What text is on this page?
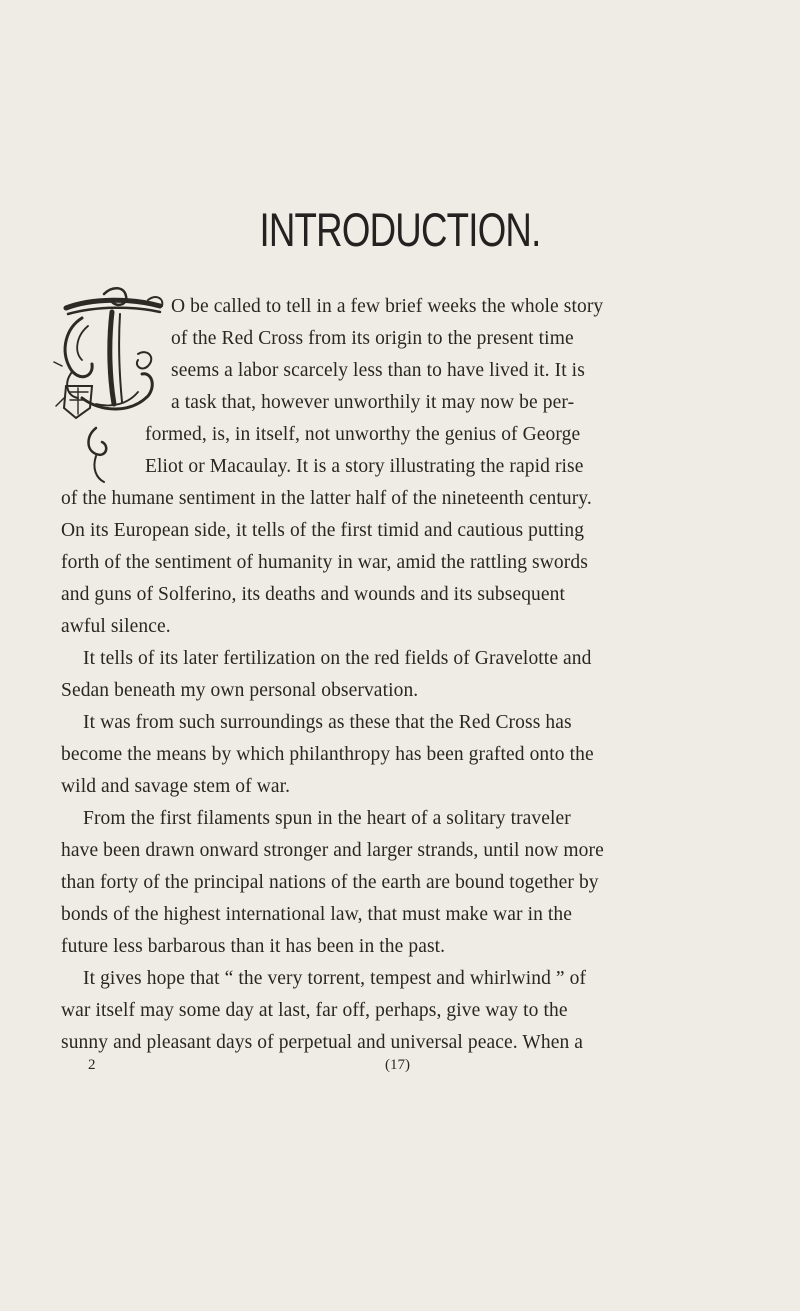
INTRODUCTION.
O be called to tell in a few brief weeks the whole story
of the Red Cross from its origin to the present time
seems a labor scarcely less than to have lived it. It is
a task that, however unworthily it may now be per-
formed, is, in itself, not unworthy the genius of George
Eliot or Macaulay. It is a story illustrating the rapid rise
of the humane sentiment in the latter half of the nineteenth century.
On its European side, it tells of the first timid and cautious putting
forth of the sentiment of humanity in war, amid the rattling swords
and guns of Solferino, its deaths and wounds and its subsequent
awful silence.
It tells of its later fertilization on the red fields of Gravelotte and
Sedan beneath my own personal observation.
It was from such surroundings as these that the Red Cross has
become the means by which philanthropy has been grafted onto the
wild and savage stem of war.
From the first filaments spun in the heart of a solitary traveler
have been drawn onward stronger and larger strands, until now more
than forty of the principal nations of the earth are bound together by
bonds of the highest international law, that must make war in the
future less barbarous than it has been in the past.
It gives hope that “ the very torrent, tempest and whirlwind ” of
war itself may some day at last, far off, perhaps, give way to the
sunny and pleasant days of perpetual and universal peace. When a
2	(17)
